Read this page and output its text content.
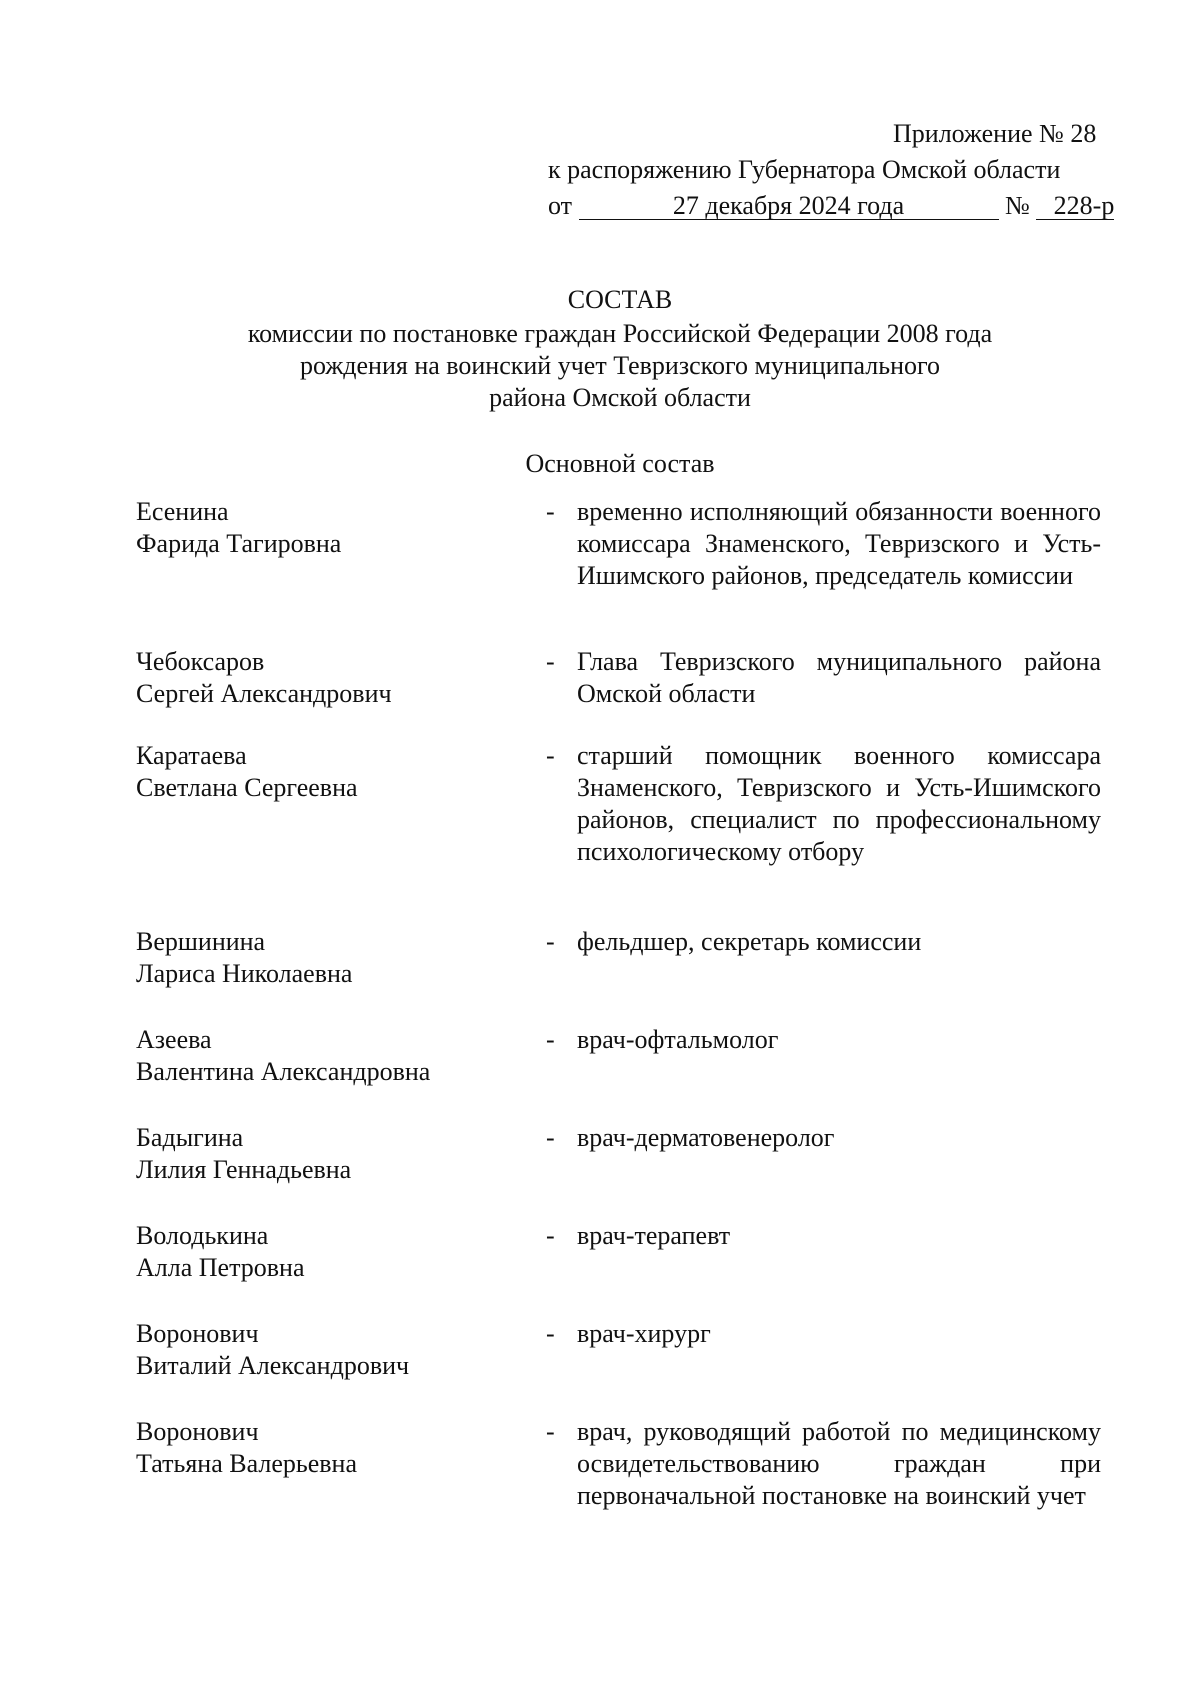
Приложение № 28
к распоряжению Губернатора Омской области
от	27 декабря 2024 года	№ 228-р
СОСТАВ
комиссии по постановке граждан Российской Федерации 2008 года
рождения на воинский учет Тевризского муниципального
района Омской области
Основной состав
Есенина
Фарида Тагировна
- временно исполняющий обязанности военного комиссара Знаменского, Тевризского и Усть-Ишимского районов, председатель комиссии
Чебоксаров
Сергей Александрович
- Глава Тевризского муниципального района Омской области
Каратаева
Светлана Сергеевна
- старший помощник военного комиссара Знаменского, Тевризского и Усть-Ишимского районов, специалист по профессиональному психологическому отбору
Вершинина
Лариса Николаевна
- фельдшер, секретарь комиссии
Азеева
Валентина Александровна
- врач-офтальмолог
Бадыгина
Лилия Геннадьевна
- врач-дерматовенеролог
Володькина
Алла Петровна
- врач-терапевт
Воронович
Виталий Александрович
- врач-хирург
Воронович
Татьяна Валерьевна
- врач, руководящий работой по медицинскому освидетельствованию граждан при первоначальной постановке на воинский учет
